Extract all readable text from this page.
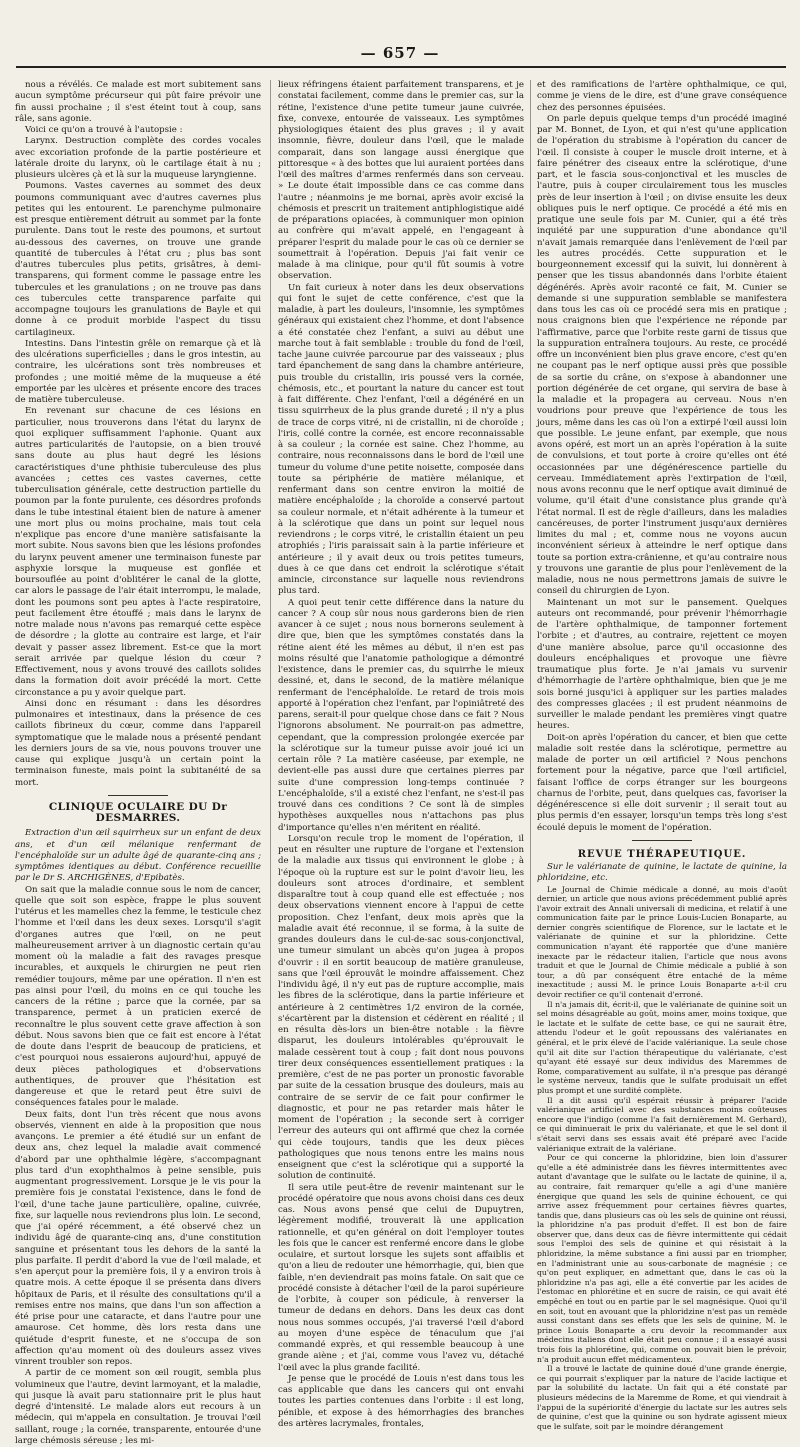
— 657 —

nous a révélés. Ce malade est mort subitement sans aucun symptôme précurseur qui pût faire prévoir une fin aussi prochaine ; il s'est éteint tout à coup, sans râle, sans agonie.

Voici ce qu'on a trouvé à l'autopsie :

Larynx. Destruction complète des cordes vocales avec excoriation profonde de la partie postérieure et latérale droite du larynx, où le cartilage était à nu ; plusieurs ulcères çà et là sur la muqueuse laryngienne.

Poumons. Vastes cavernes au sommet des deux poumons communiquant avec d'autres cavernes plus petites qui les entourent. Le parenchyme pulmonaire est presque entièrement détruit au sommet par la fonte purulente. Dans tout le reste des poumons, et surtout au-dessous des cavernes, on trouve une grande quantité de tubercules à l'état cru ; plus bas sont d'autres tubercules plus petits, grisâtres, à demi-transparens, qui forment comme le passage entre les tubercules et les granulations ; on ne trouve pas dans ces tubercules cette transparence parfaite qui accompagne toujours les granulations de Bayle et qui donne à ce produit morbide l'aspect du tissu cartilagineux.

Intestins. Dans l'intestin grêle on remarque çà et là des ulcérations superficielles ; dans le gros intestin, au contraire, les ulcérations sont très nombreuses et profondes ; une moitié même de la muqueuse a été emportée par les ulcères et présente encore des traces de matière tuberculeuse.

En revenant sur chacune de ces lésions en particulier, nous trouverons dans l'état du larynx de quoi expliquer suffisamment l'aphonie. Quant aux autres particularités de l'autopsie, on a bien trouvé sans doute au plus haut degré les lésions caractéristiques d'une phthisie tuberculeuse des plus avancées ; cettes ces vastes cavernes, cette tuberculisation générale, cette destruction partielle du poumon par la fonte purulente, ces désordres profonds dans le tube intestinal étaient bien de nature à amener une mort plus ou moins prochaine, mais tout cela n'explique pas encore d'une manière satisfaisante la mort subite. Nous savons bien que les lésions profondes du larynx peuvent amener une terminaison funeste par asphyxie lorsque la muqueuse est gonflée et boursouflée au point d'oblitérer le canal de la glotte, car alors le passage de l'air était interrompu, le malade, dont les poumons sont peu aptes à l'acte respiratoire, peut facilement être étouffé ; mais dans le larynx de notre malade nous n'avons pas remarqué cette espèce de désordre ; la glotte au contraire est large, et l'air devait y passer assez librement. Est-ce que la mort serait arrivée par quelque lésion du cœur ? Effectivement, nous y avons trouvé des caillots solides dans la formation doit avoir précédé la mort. Cette circonstance a pu y avoir quelque part.

Ainsi donc en résumant : dans les désordres pulmonaires et intestinaux, dans la présence de ces caillots fibrineux du cœur, comme dans l'appareil symptomatique que le malade nous a présenté pendant les derniers jours de sa vie, nous pouvons trouver une cause qui explique jusqu'à un certain point la terminaison funeste, mais point la subitanéité de sa mort.

CLINIQUE OCULAIRE DU Dr DESMARRES.

Extraction d'un œil squirrheux sur un enfant de deux ans, et d'un œil mélanique renfermant de l'encéphaloïde sur un adulte âgé de quarante-cinq ans ; symptômes identiques au début. Conférence recueillie par le Dr S. ARCHIGÈNES, d'Epibatès.

On sait que la maladie connue sous le nom de cancer, quelle que soit son espèce, frappe le plus souvent l'utérus et les mamelles chez la femme, le testicule chez l'homme et l'œil dans les deux sexes. Lorsqu'il s'agit d'organes autres que l'œil, on ne peut malheureusement arriver à un diagnostic certain qu'au moment où la maladie a fait des ravages presque incurables, et auxquels le chirurgien ne peut rien remédier toujours, même par une opération. Il n'en est pas ainsi pour l'œil, du moins en ce qui touche les cancers de la rétine ; parce que la cornée, par sa transparence, permet à un praticien exercé de reconnaître le plus souvent cette grave affection à son début. Nous savons bien que ce fait est encore à l'état de doute dans l'esprit de beaucoup de praticiens, et c'est pourquoi nous essaierons aujourd'hui, appuyé de deux pièces pathologiques et d'observations authentiques, de prouver que l'hésitation est dangereuse et que le retard peut être suivi de conséquences fatales pour le malade.

Deux faits, dont l'un très récent que nous avons observés, viennent en aide à la proposition que nous avançons. Le premier a été étudié sur un enfant de deux ans, chez lequel la maladie avait commencé d'abord par une ophthalmie légère, s'accompagnant plus tard d'un exophthalmos à peine sensible, puis augmentant progressivement. Lorsque je le vis pour la première fois je constatai l'existence, dans le fond de l'œil, d'une tache jaune particulière, opaline, cuivrée, fixe, sur laquelle nous reviendrons plus loin. Le second, que j'ai opéré récemment, a été observé chez un individu âgé de quarante-cinq ans, d'une constitution sanguine et présentant tous les dehors de la santé la plus parfaite. Il perdit d'abord la vue de l'œil malade, et s'en aperçut pour la première fois, il y a environ trois à quatre mois. A cette époque il se présenta dans divers hôpitaux de Paris, et il résulte des consultations qu'il a remises entre nos mains, que dans l'un son affection a été prise pour une cataracte, et dans l'autre pour une amaurose. Cet homme, dès lors resta dans une quiétude d'esprit funeste, et ne s'occupa de son affection qu'au moment où des douleurs assez vives vinrent troubler son repos.

A partir de ce moment son œil rougit, sembla plus volumineux que l'autre, devint larmoyant, et la maladie, qui jusque là avait paru stationnaire prit le plus haut degré d'intensité. Le malade alors eut recours à un médecin, qui m'appela en consultation. Je trouvai l'œil saillant, rouge ; la cornée, transparente, entourée d'une large chémosis séreuse ; les mi-

lieux réfringens étaient parfaitement transparens, et je constatai facilement, comme dans le premier cas, sur la rétine, l'existence d'une petite tumeur jaune cuivrée, fixe, convexe, entourée de vaisseaux. Les symptômes physiologiques étaient des plus graves ; il y avait insomnie, fièvre, douleur dans l'œil, que le malade comparait, dans son langage aussi énergique que pittoresque « à des bottes que lui auraient portées dans l'œil des maîtres d'armes renfermés dans son cerveau. » Le doute était impossible dans ce cas comme dans l'autre ; néanmoins je me bornai, après avoir excisé la chémosis et prescrit un traitement antiphlogistique aidé de préparations opiacées, à communiquer mon opinion au confrère qui m'avait appelé, en l'engageant à préparer l'esprit du malade pour le cas où ce dernier se soumettrait à l'opération. Depuis j'ai fait venir ce malade à ma clinique, pour qu'il fût soumis à votre observation.

Un fait curieux à noter dans les deux observations qui font le sujet de cette conférence, c'est que la maladie, à part les douleurs, l'insomnie, les symptômes généraux qui existaient chez l'homme, et dont l'absence a été constatée chez l'enfant, a suivi au début une marche tout à fait semblable : trouble du fond de l'œil, tache jaune cuivrée parcourue par des vaisseaux ; plus tard épanchement de sang dans la chambre antérieure, puis trouble du cristallin, iris poussé vers la cornée, chémosis, etc., et pourtant la nature du cancer est tout à fait différente. Chez l'enfant, l'œil a dégénéré en un tissu squirrheux de la plus grande dureté ; il n'y a plus de trace de corps vitré, ni de cristallin, ni de choroïde ; l'iris, collé contre la cornée, est encore reconnaissable à sa couleur ; la cornée est saine. Chez l'homme, au contraire, nous reconnaissons dans le bord de l'œil une tumeur du volume d'une petite noisette, composée dans toute sa périphérie de matière mélanique, et renfermant dans son centre environ la moitié de matière encéphaloïde ; la choroïde a conservé partout sa couleur normale, et n'était adhérente à la tumeur et à la sclérotique que dans un point sur lequel nous reviendrons ; le corps vitré, le cristallin étaient un peu atrophiés ; l'iris paraissait sain à la partie inférieure et antérieure ; il y avait deux ou trois petites tumeurs, dues à ce que dans cet endroit la sclérotique s'était amincie, circonstance sur laquelle nous reviendrons plus tard.

A quoi peut tenir cette différence dans la nature du cancer ? A coup sûr nous nous garderons bien de rien avancer à ce sujet ; nous nous bornerons seulement à dire que, bien que les symptômes constatés dans la rétine aient été les mêmes au début, il n'en est pas moins résulté que l'anatomie pathologique a démontré l'existence, dans le premier cas, du squirrhe le mieux dessiné, et, dans le second, de la matière mélanique renfermant de l'encéphaloïde. Le retard de trois mois apporté à l'opération chez l'enfant, par l'opiniâtreté des parens, serait-il pour quelque chose dans ce fait ? Nous l'ignorons absolument. Ne pourrait-on pas admettre, cependant, que la compression prolongée exercée par la sclérotique sur la tumeur puisse avoir joué ici un certain rôle ? La matière caséeuse, par exemple, ne devient-elle pas aussi dure que certaines pierres par suite d'une compression long-temps continuée ? L'encéphaloïde, s'il a existé chez l'enfant, ne s'est-il pas trouvé dans ces conditions ? Ce sont là de simples hypothèses auxquelles nous n'attachons pas plus d'importance qu'elles n'en méritent en réalité.

Lorsqu'on recule trop le moment de l'opération, il peut en résulter une rupture de l'organe et l'extension de la maladie aux tissus qui environnent le globe ; à l'époque où la rupture est sur le point d'avoir lieu, les douleurs sont atroces d'ordinaire, et semblent disparaître tout à coup quand elle est effectuée ; nos deux observations viennent encore à l'appui de cette proposition. Chez l'enfant, deux mois après que la maladie avait été reconnue, il se forma, à la suite de grandes douleurs dans le cul-de-sac sous-conjonctival, une tumeur simulant un abcès qu'on jugea à propos d'ouvrir : il en sortit beaucoup de matière granuleuse, sans que l'œil éprouvât le moindre affaissement. Chez l'individu âgé, il n'y eut pas de rupture accomplie, mais les fibres de la sclérotique, dans la partie inférieure et antérieure à 2 centimètres 1/2 environ de la cornée, s'écartèrent par la distension et cédèrent en réalité ; il en résulta dès-lors un bien-être notable : la fièvre disparut, les douleurs intolérables qu'éprouvait le malade cessèrent tout à coup ; fait dont nous pouvons tirer deux conséquences essentiellement pratiques : la première, c'est de ne pas porter un pronostic favorable par suite de la cessation brusque des douleurs, mais au contraire de se servir de ce fait pour confirmer le diagnostic, et pour ne pas retarder mais hâter le moment de l'opération ; la seconde sert à corriger l'erreur des auteurs qui ont affirmé que chez la cornée qui cède toujours, tandis que les deux pièces pathologiques que nous tenons entre les mains nous enseignent que c'est la sclérotique qui a supporté la solution de continuité.

Il sera utile peut-être de revenir maintenant sur le procédé opératoire que nous avons choisi dans ces deux cas. Nous avons pensé que celui de Dupuytren, légèrement modifié, trouverait là une application rationnelle, et qu'en général on doit l'employer toutes les fois que le cancer est renfermé encore dans le globe oculaire, et surtout lorsque les sujets sont affaiblis et qu'on a lieu de redouter une hémorrhagie, qui, bien que faible, n'en deviendrait pas moins fatale. On sait que ce procédé consiste à détacher l'œil de la paroi supérieure de l'orbite, à couper son pédicule, à renverser la tumeur de dedans en dehors. Dans les deux cas dont nous nous sommes occupés, j'ai traversé l'œil d'abord au moyen d'une espèce de ténaculum que j'ai commandé exprès, et qui ressemble beaucoup à une grande aiène ; et j'ai, comme vous l'avez vu, détaché l'œil avec la plus grande facilité.

Je pense que le procédé de Louis n'est dans tous les cas applicable que dans les cancers qui ont envahi toutes les parties contenues dans l'orbite : il est long, pénible, et expose à des hémorrhagies des branches des artères lacrymales, frontales,

et des ramifications de l'artère ophthalmique, ce qui, comme je viens de le dire, est d'une grave conséquence chez des personnes épuisées.

On parle depuis quelque temps d'un procédé imaginé par M. Bonnet, de Lyon, et qui n'est qu'une application de l'opération du strabisme à l'opération du cancer de l'œil. Il consiste à couper le muscle droit interne, et à faire pénétrer des ciseaux entre la sclérotique, d'une part, et le fascia sous-conjonctival et les muscles de l'autre, puis à couper circulairement tous les muscles près de leur insertion à l'œil ; on divise ensuite les deux obliques puis le nerf optique. Ce procédé a été mis en pratique une seule fois par M. Cunier, qui a été très inquiété par une suppuration d'une abondance qu'il n'avait jamais remarquée dans l'enlèvement de l'œil par les autres procédés. Cette suppuration et le bourgeonnement excessif qui la suivit, lui donnèrent à penser que les tissus abandonnés dans l'orbite étaient dégénérés. Après avoir raconté ce fait, M. Cunier se demande si une suppuration semblable se manifestera dans tous les cas où ce procédé sera mis en pratique ; nous craignons bien que l'expérience ne réponde par l'affirmative, parce que l'orbite reste garni de tissus que la suppuration entraînera toujours. Au reste, ce procédé offre un inconvénient bien plus grave encore, c'est qu'en ne coupant pas le nerf optique aussi près que possible de sa sortie du crâne, on s'expose à abandonner une portion dégénérée de cet organe, qui servira de base à la maladie et la propagera au cerveau. Nous n'en voudrions pour preuve que l'expérience de tous les jours, même dans les cas où l'on a extirpé l'œil aussi loin que possible. Le jeune enfant, par exemple, que nous avons opéré, est mort un an après l'opération à la suite de convulsions, et tout porte à croire qu'elles ont été occasionnées par une dégénérescence partielle du cerveau. Immédiatement après l'extirpation de l'œil, nous avons reconnu que le nerf optique avait diminué de volume, qu'il était d'une consistance plus grande qu'à l'état normal. Il est de règle d'ailleurs, dans les maladies cancéreuses, de porter l'instrument jusqu'aux dernières limites du mal ; et, comme nous ne voyons aucun inconvénient sérieux à atteindre le nerf optique dans toute sa portion extra-crânienne, et qu'au contraire nous y trouvons une garantie de plus pour l'enlèvement de la maladie, nous ne nous permettrons jamais de suivre le conseil du chirurgien de Lyon.

Maintenant un mot sur le pansement. Quelques auteurs ont recommandé, pour prévenir l'hémorrhagie de l'artère ophthalmique, de tamponner fortement l'orbite ; et d'autres, au contraire, rejettent ce moyen d'une manière absolue, parce qu'il occasionne des douleurs encéphaliques et provoque une fièvre traumatique plus forte. Je n'ai jamais vu survenir d'hémorrhagie de l'artère ophthalmique, bien que je me sois borné jusqu'ici à appliquer sur les parties malades des compresses glacées ; il est prudent néanmoins de surveiller le malade pendant les premières vingt quatre heures.

Doit-on après l'opération du cancer, et bien que cette maladie soit restée dans la sclérotique, permettre au malade de porter un œil artificiel ? Nous penchons fortement pour la négative, parce que l'œil artificiel, faisant l'office de corps étranger sur les bourgeons charnus de l'orbite, peut, dans quelques cas, favoriser la dégénérescence si elle doit survenir ; il serait tout au plus permis d'en essayer, lorsqu'un temps très long s'est écoulé depuis le moment de l'opération.

REVUE THÉRAPEUTIQUE.

Sur le valérianate de quinine, le lactate de quinine, la phloridzine, etc.

Le Journal de Chimie médicale a donné, au mois d'août dernier, un article que nous avions précédemment publié après l'avoir extrait des Annali universali di medicina, et relatif à une communication faite par le prince Louis-Lucien Bonaparte, au dernier congrès scientifique de Florence, sur le lactate et le valérianate de quinine et sur la phloridzine. Cette communication n'ayant été rapportée que d'une manière inexacte par le rédacteur italien, l'article que nous avons traduit et que le Journal de Chimie médicale a publié à son tour, a dû par conséquent être entaché de la même inexactitude ; aussi M. le prince Louis Bonaparte a-t-il cru devoir rectifier ce qu'il contenait d'erroné.

Il n'a jamais dit, écrit-il, que le valérianate de quinine soit un sel moins désagréable au goût, moins amer, moins toxique, que le lactate et le sulfate de cette base, ce qui ne saurait être, attendu l'odeur et le goût repoussans des valérianates en général, et le prix élevé de l'acide valérianique. La seule chose qu'il ait dite sur l'action thérapeutique du valérianate, c'est qu'ayant été essayé sur deux individus des Maremmes de Rome, comparativement au sulfate, il n'a presque pas dérangé le système nerveux, tandis que le sulfate produisait un effet plus prompt et une surdité complète.

Il a dit aussi qu'il espérait réussir à préparer l'acide valérianique artificiel avec des substances moins coûteuses encore que l'indigo (comme l'a fait dernièrement M. Gerhard), ce qui diminuerait le prix du valérianate, et que le sel dont il s'était servi dans ses essais avait été préparé avec l'acide valérianique extrait de la valériane.

Pour ce qui concerne la phloridzine, bien loin d'assurer qu'elle a été administrée dans les fièvres intermittentes avec autant d'avantage que le sulfate ou le lactate de quinine, il a, au contraire, fait remarquer qu'elle a agi d'une manière énergique que quand les sels de quinine échouent, ce qui arrive assez fréquemment pour certaines fièvres quartes, tandis que, dans plusieurs cas où les sels de quinine ont réussi, la phloridzine n'a pas produit d'effet. Il est bon de faire observer que, dans deux cas de fièvre intermittente qui cédait sous l'emploi des sels de quinine et qui résistait à la phloridzine, la même substance a fini aussi par en triompher, en l'administrant unie au sous-carbonate de magnésie ; ce qu'on peut expliquer, en admettant que, dans le cas où la phloridzine n'a pas agi, elle a été convertie par les acides de l'estomac en phlorétine et en sucre de raisin, ce qui avait été empêché en tout ou en partie par le sel magnésique. Quoi qu'il en soit, tout en avouant que la phloridzine n'est pas un remède aussi constant dans ses effets que les sels de quinine, M. le prince Louis Bonaparte a cru devoir la recommander aux médecins italiens dont elle était peu connue ; il a essayé aussi trois fois la phlorétine, qui, comme on pouvait bien le prévoir, n'a produit aucun effet médicamenteux.

Il a trouvé le lactate de quinine doué d'une grande énergie, ce qui pourrait s'expliquer par la nature de l'acide lactique et par la solubilité du lactate. Un fait qui a été constaté par plusieurs médecins de la Maremme de Rome, et qui viendrait à l'appui de la supériorité d'énergie du lactate sur les autres sels de quinine, c'est que la quinine ou son hydrate agissent mieux que le sulfate, soit par le moindre dérangement
